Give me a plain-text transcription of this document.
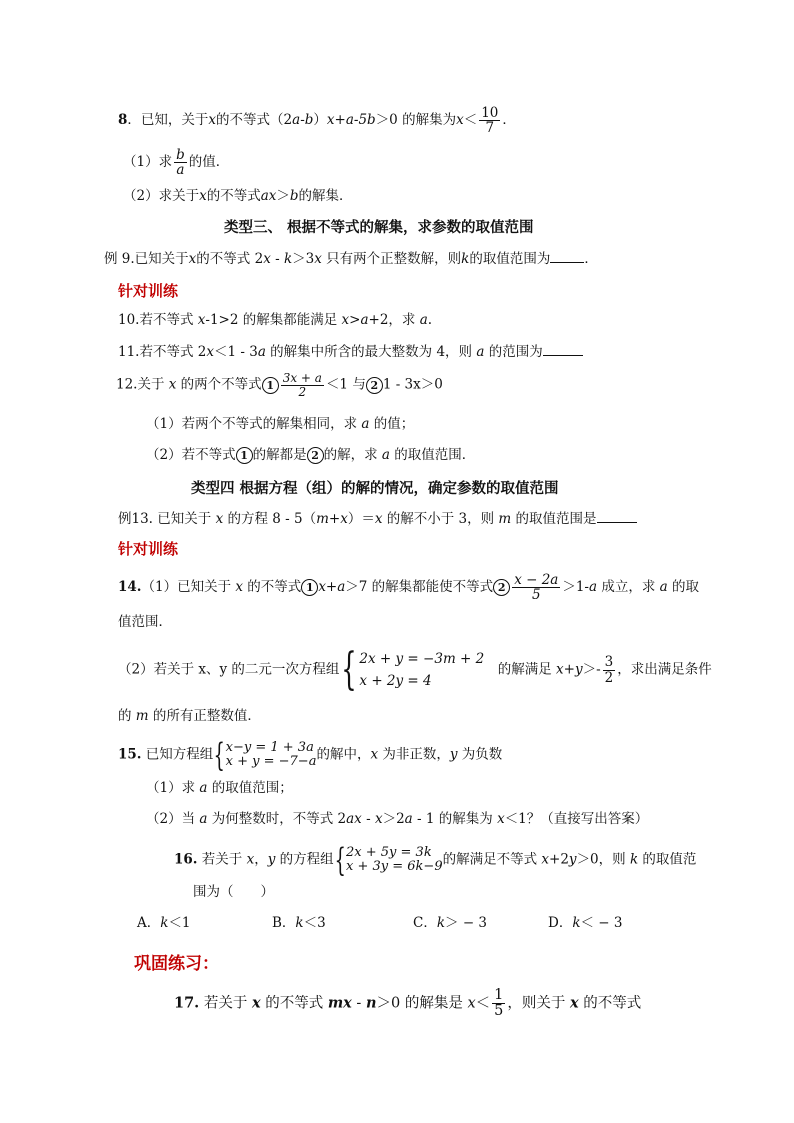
8．已知，关于x的不等式（2a-b）x+a-5b＞0 的解集为$x< \frac{10}{7}$ ．
（1）求 $\frac{b}{a}$ 的值．
（2）求关于x的不等式ax＞b的解集．
类型三、 根据不等式的解集，求参数的取值范围
例 9.已知关于x的不等式 2x - k＞3x 只有两个正整数解，则k的取值范围为	．
针对训练
10.若不等式 x-1>2 的解集都能满足 x>a+2，求 a.
11.若不等式 2x＜1 - 3a 的解集中所含的最大整数为 4，则 a 的范围为
12.关于 x 的两个不等式 $1 \frac{3x + a}{2} <1$ 与 2 1 - 3x＞0
（1）若两个不等式的解集相同，求 a 的值；
（2）若不等式 1 的解都是 2 的解，求 a 的取值范围．
类型四 根据方程（组）的解的情况，确定参数的取值范围
例13. 已知关于 x 的方程 8 - 5（m+x）＝x 的解不小于 3，则 m 的取值范围是
针对训练
14.（1）已知关于 x 的不等式 1 x+a＞7 的解集都能使不等式 $2 \frac{x - 2a}{5} >1-a$ 成立，求 a 的取
值范围．
（2）若关于 x、y 的二元一次方程组{ 2x + y = −3m + 2
x + 2y = 4　的解满足 $x+y>- \frac{3}{2}$ ，求出满足条件
的 m 的所有正整数值．
15. 已知方程组{x−y = 1 + 3a
x + y = −7−a的解中，x 为非正数，y 为负数
（1）求 a 的取值范围；
（2）当 a 为何整数时，不等式 2ax - x＞2a - 1 的解集为 x＜1？（直接写出答案）
16. 若关于 x，y 的方程组{2x + 5y = 3k
x + 3y = 6k−9的解满足不等式 x+2y＞0，则 k 的取值范
围为（　　）
A．k＜1	B．k＜3	C．k＞ − 3	D．k＜ − 3
巩固练习：
17. 若关于 x 的不等式 mx - n＞0 的解集是 $x< \frac{1}{5}$ ，则关于 x 的不等式
